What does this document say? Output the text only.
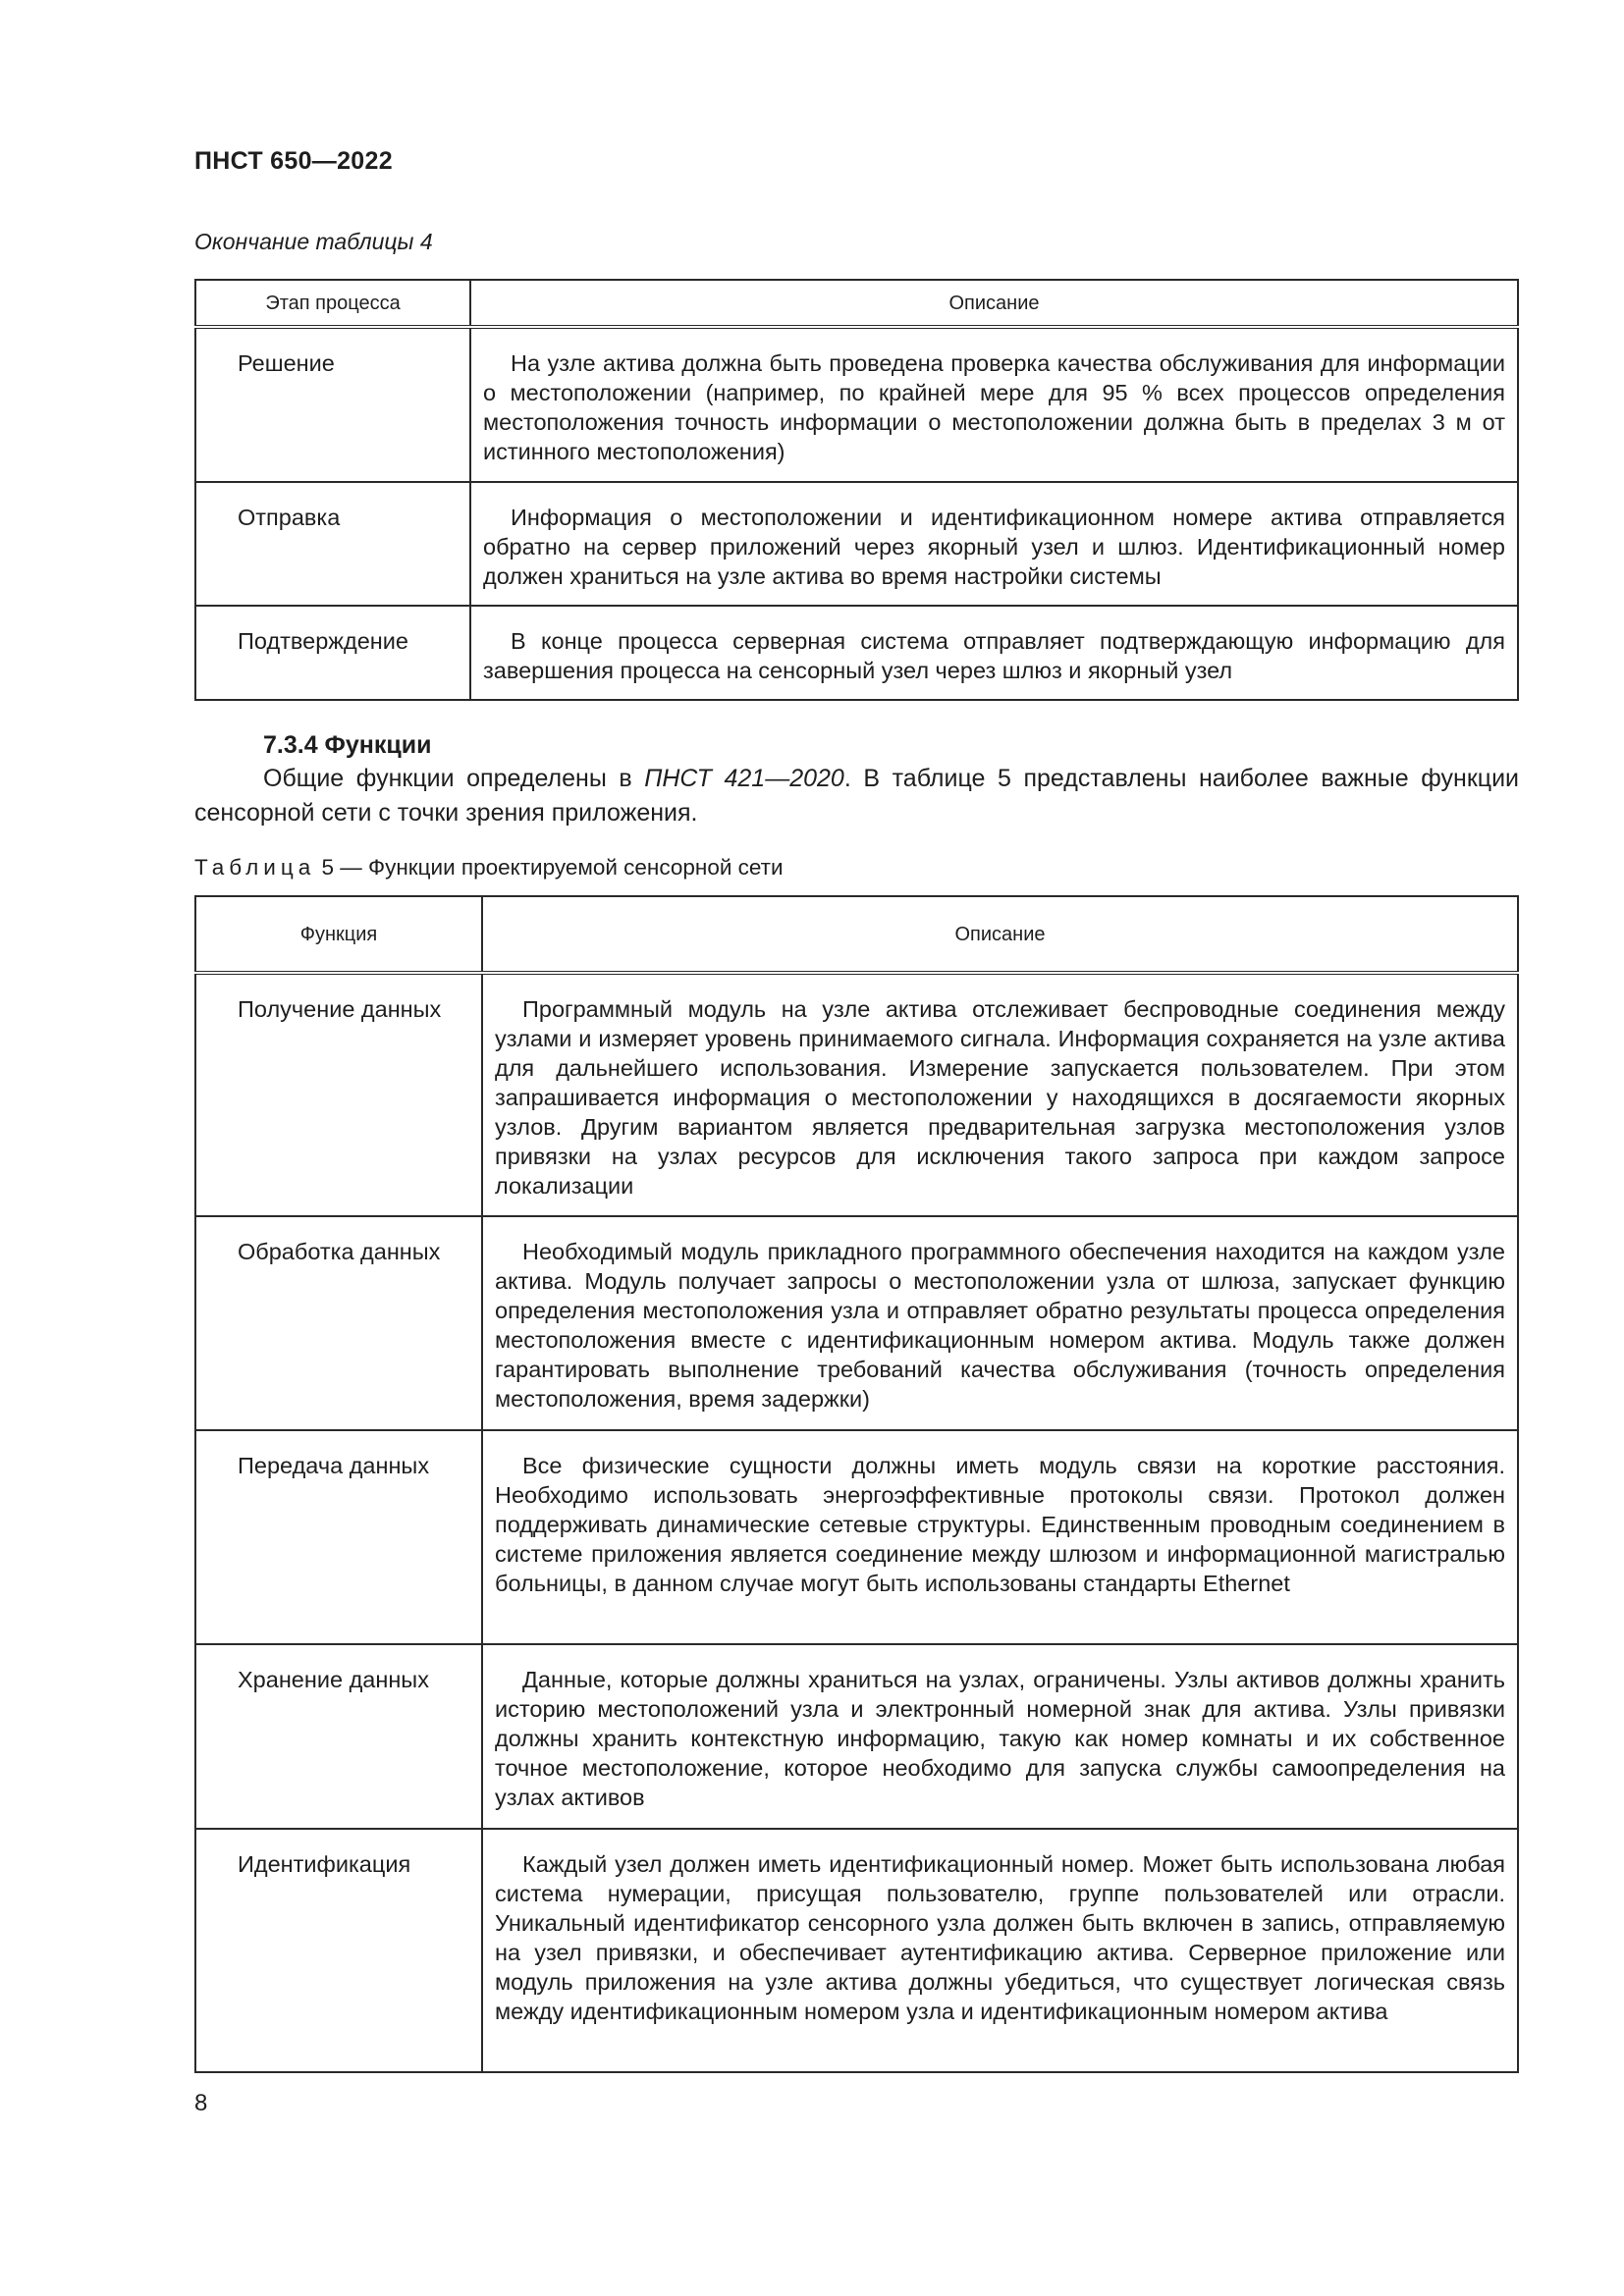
ПНСТ 650—2022
Окончание таблицы 4
Этап процесса	Описание
Решение	На узле актива должна быть проведена проверка качества обслуживания для информации о местоположении (например, по крайней мере для 95 % всех процессов определения местоположения точность информации о местоположении должна быть в пределах 3 м от истинного местоположения)
Отправка	Информация о местоположении и идентификационном номере актива отправляется обратно на сервер приложений через якорный узел и шлюз. Идентификационный номер должен храниться на узле актива во время настройки системы
Подтверждение	В конце процесса серверная система отправляет подтверждающую информацию для завершения процесса на сенсорный узел через шлюз и якорный узел
7.3.4 Функции
Общие функции определены в ПНСТ 421—2020. В таблице 5 представлены наиболее важные функции сенсорной сети с точки зрения приложения.
Таблица 5 — Функции проектируемой сенсорной сети
Функция	Описание
Получение данных	Программный модуль на узле актива отслеживает беспроводные соединения между узлами и измеряет уровень принимаемого сигнала. Информация сохраняется на узле актива для дальнейшего использования. Измерение запускается пользователем. При этом запрашивается информация о местоположении у находящихся в досягаемости якорных узлов. Другим вариантом является предварительная загрузка местоположения узлов привязки на узлах ресурсов для исключения такого запроса при каждом запросе локализации
Обработка данных	Необходимый модуль прикладного программного обеспечения находится на каждом узле актива. Модуль получает запросы о местоположении узла от шлюза, запускает функцию определения местоположения узла и отправляет обратно результаты процесса определения местоположения вместе с идентификационным номером актива. Модуль также должен гарантировать выполнение требований качества обслуживания (точность определения местоположения, время задержки)
Передача данных	Все физические сущности должны иметь модуль связи на короткие расстояния. Необходимо использовать энергоэффективные протоколы связи. Протокол должен поддерживать динамические сетевые структуры. Единственным проводным соединением в системе приложения является соединение между шлюзом и информационной магистралью больницы, в данном случае могут быть использованы стандарты Ethernet
Хранение данных	Данные, которые должны храниться на узлах, ограничены. Узлы активов должны хранить историю местоположений узла и электронный номерной знак для актива. Узлы привязки должны хранить контекстную информацию, такую как номер комнаты и их собственное точное местоположение, которое необходимо для запуска службы самоопределения на узлах активов
Идентификация	Каждый узел должен иметь идентификационный номер. Может быть использована любая система нумерации, присущая пользователю, группе пользователей или отрасли. Уникальный идентификатор сенсорного узла должен быть включен в запись, отправляемую на узел привязки, и обеспечивает аутентификацию актива. Серверное приложение или модуль приложения на узле актива должны убедиться, что существует логическая связь между идентификационным номером узла и идентификационным номером актива
8
